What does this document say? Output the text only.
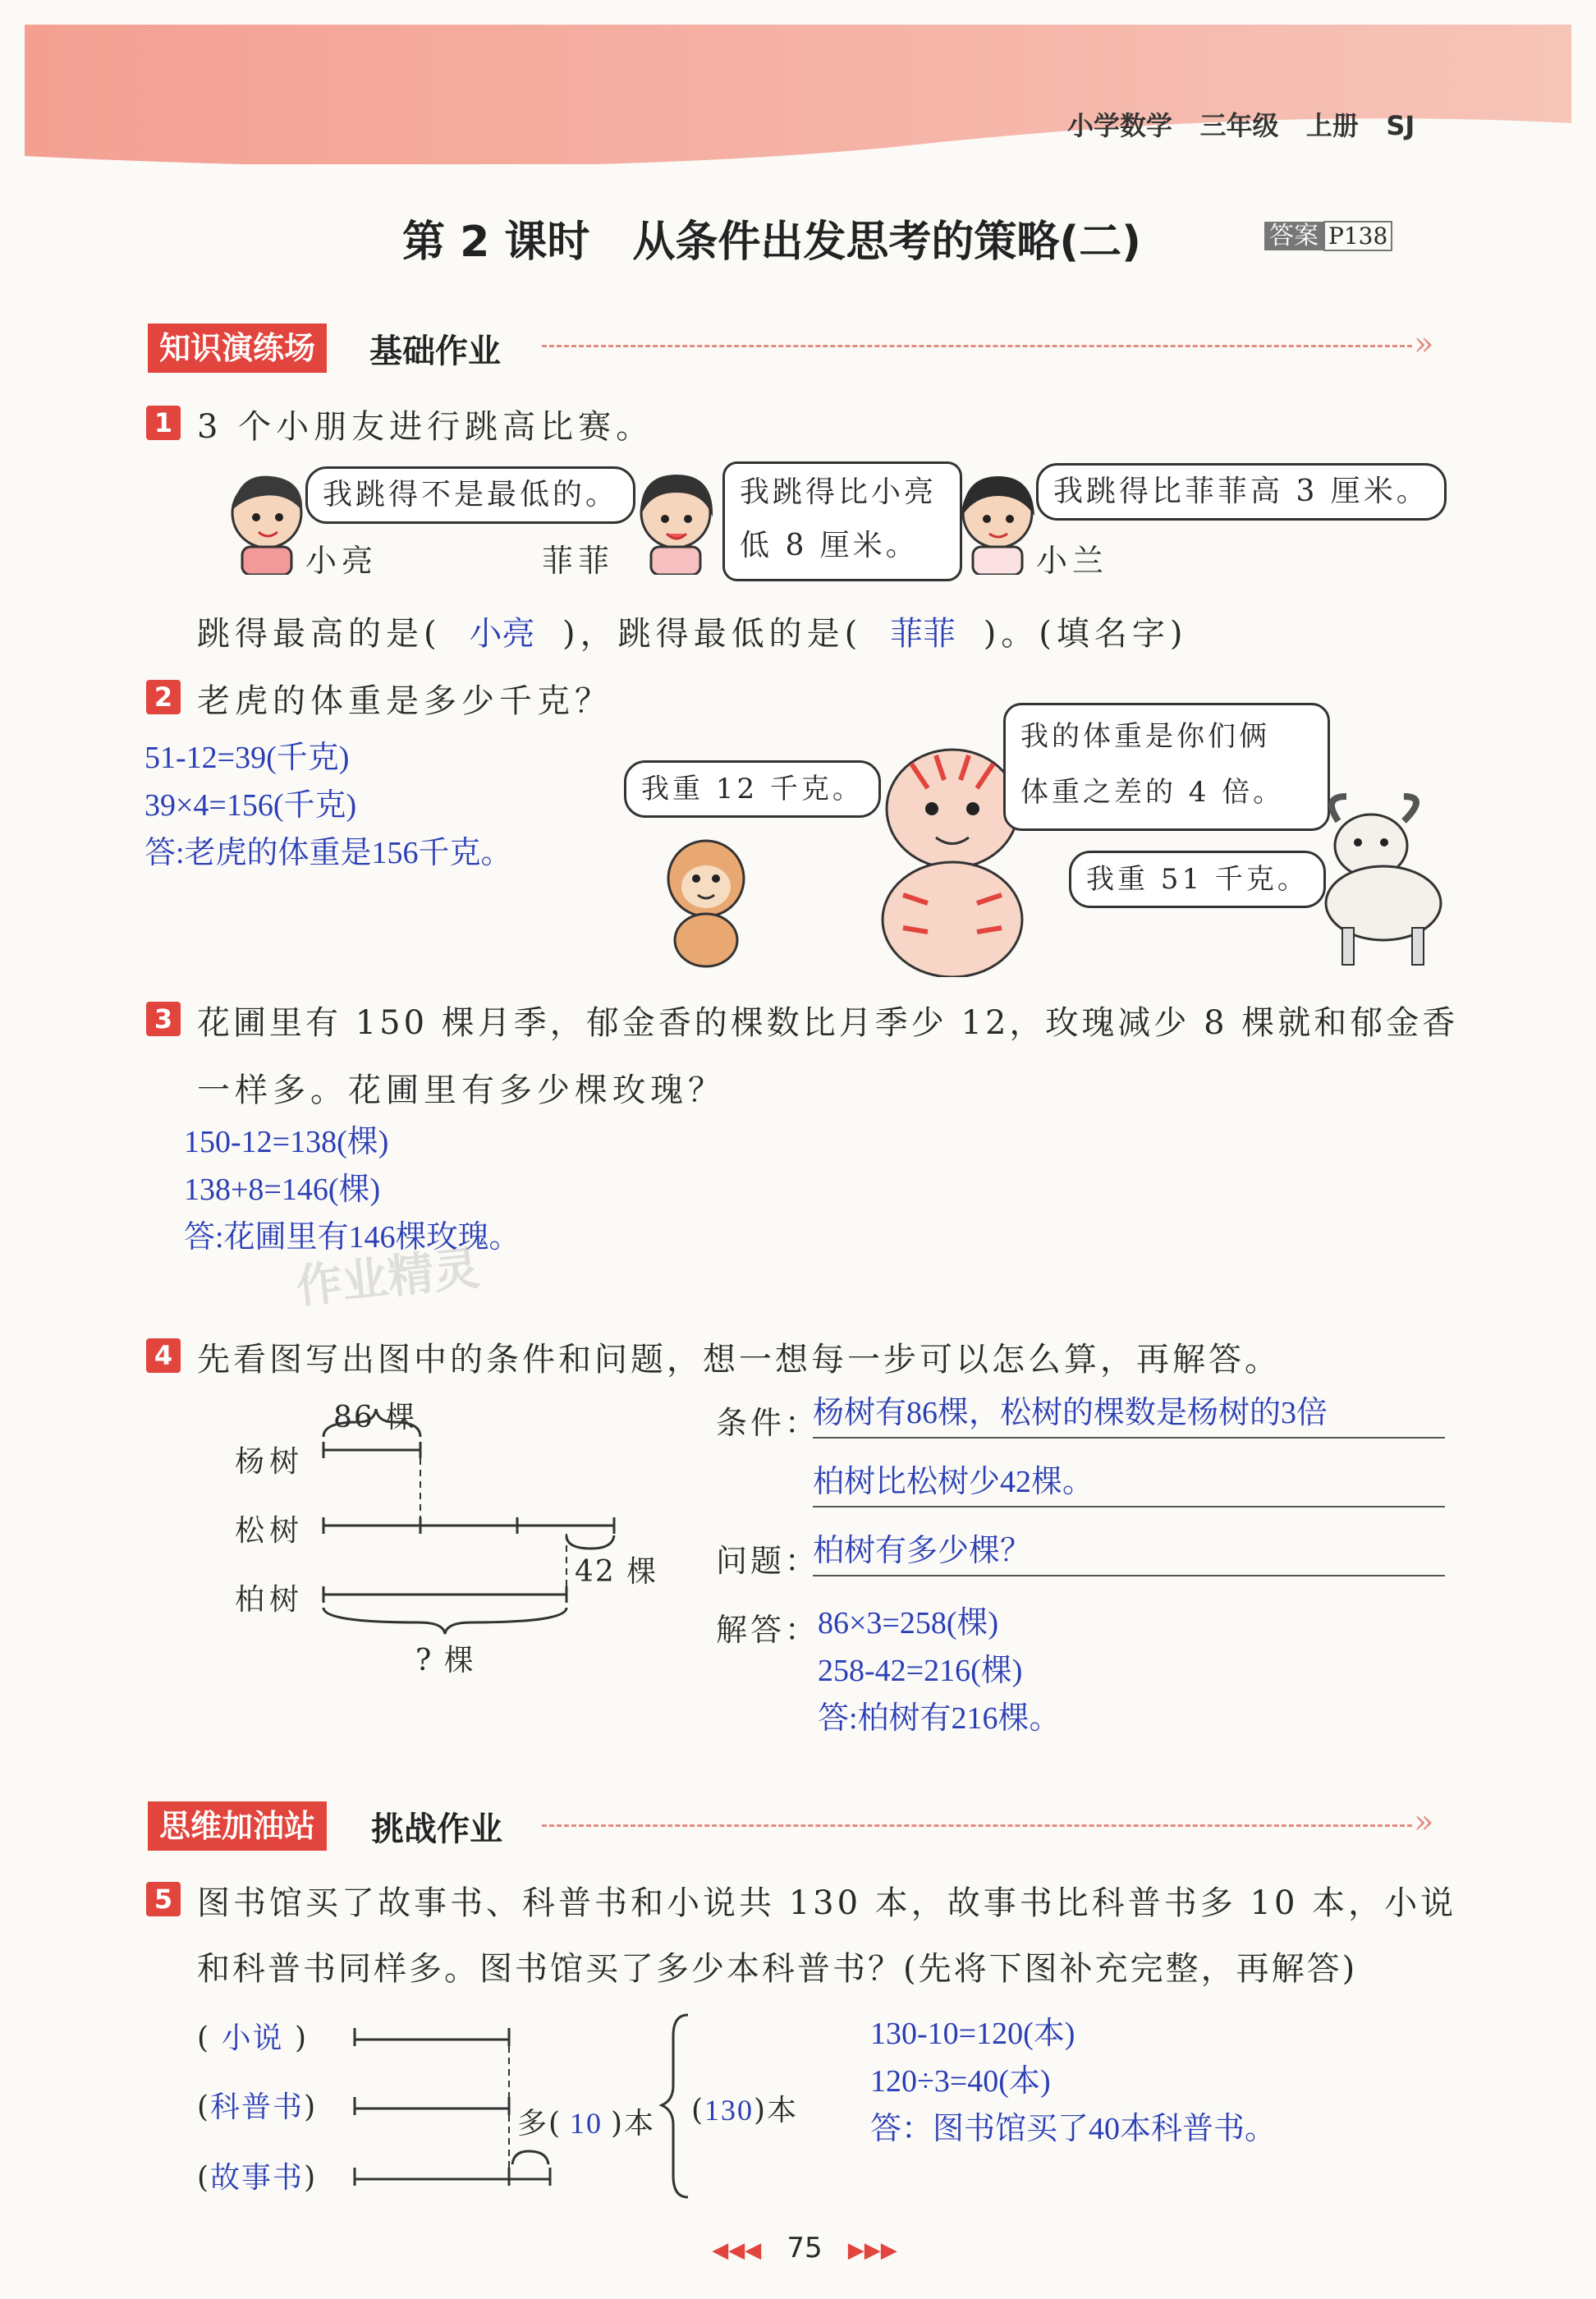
小学数学 三年级 上册 SJ
第 2 课时　从条件出发思考的策略(二)	答案 P138
知识演练场	基础作业	»
1 3 个小朋友进行跳高比赛。
我跳得不是最低的。
小亮	菲菲
我跳得比小亮
低 8 厘米。
我跳得比菲菲高 3 厘米。
小兰
跳得最高的是( 小亮 )，跳得最低的是( 菲菲 )。(填名字)
2 老虎的体重是多少千克？
51-12=39(千克)
39×4=156(千克)
答:老虎的体重是156千克。
我重 12 千克。
我的体重是你们俩
体重之差的 4 倍。
我重 51 千克。
3 花圃里有 150 棵月季，郁金香的棵数比月季少 12，玫瑰减少 8 棵就和郁金香
一样多。花圃里有多少棵玫瑰？
150-12=138(棵)
138+8=146(棵)
答:花圃里有146棵玫瑰。
作业精灵
4 先看图写出图中的条件和问题，想一想每一步可以怎么算，再解答。
86 棵
杨树
松树
柏树
42 棵
? 棵
条件：
杨树有86棵，松树的棵数是杨树的3倍
柏树比松树少42棵。
问题：
柏树有多少棵？
解答：
86×3=258(棵)
258-42=216(棵)
答:柏树有216棵。
思维加油站	挑战作业	»
5 图书馆买了故事书、科普书和小说共 130 本，故事书比科普书多 10 本，小说
和科普书同样多。图书馆买了多少本科普书？(先将下图补充完整，再解答)
( 小说 )
(科普书)
(故事书)
多( 10 )本 (130)本
130-10=120(本)
120÷3=40(本)
答：图书馆买了40本科普书。
◀◀◀ 75 ▶▶▶
